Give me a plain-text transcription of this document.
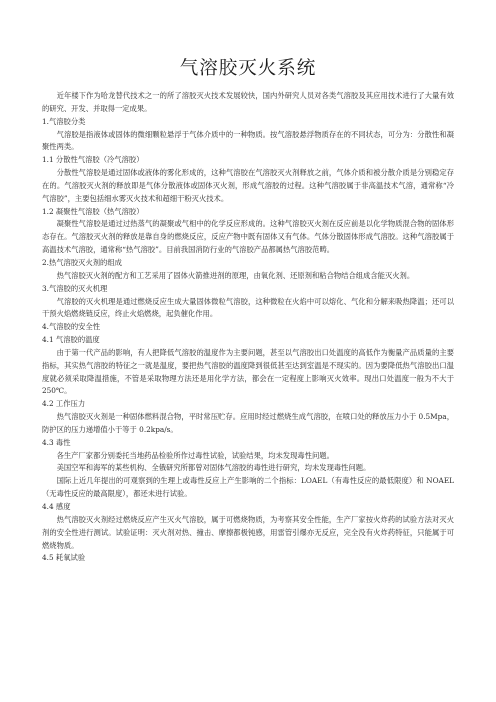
气溶胶灭火系统

近年楼下作为哈龙替代技术之一的所了溶胶灭火技术发展较快，国内外研究人员对各类气溶胶及其应用技术进行了大量有效的研究、开发、并取得一定成果。

1.气溶胶分类

气溶胶是指液体或固体的微细颗粒悬浮于气体介质中的一种物质。按气溶胶悬浮物质存在的不同状态，可分为：分散性和凝聚性两类。

1.1 分散性气溶胶（冷气溶胶）

分散性气溶胶是通过固体或液体的雾化形成的，这种气溶胶在气溶胶灭火剂释放之前，气体介质和被分散介质是分别稳定存在的。气溶胶灭火剂的释放即是气体分散液体或固体灭火剂，形成气溶胶的过程。这种气溶胶属于非高温技术气溶，通常称“冷气溶胶”，主要包括细水雾灭火技术和超细干粉灭火技术。

1.2 凝聚性气溶胶（热气溶胶）

凝聚性气溶胶是通过过热蒸气的凝聚或气相中的化学反应形成的。这种气溶胶灭火剂在反应前是以化学物质混合物的固体形态存在。气溶胶灭火剂的释放是靠自身的燃烧反应，反应产物中既有固体又有气体。气体分散固体形成气溶胶。这种气溶胶属于高温技术气溶胶，通常称“热气溶胶”。目前我国消防行业的气溶胶产品都属热气溶胶范畴。

2.热气溶胶灭火剂的组成

热气溶胶灭火剂的配方和工艺采用了固体火箭推进剂的原理，由氧化剂、还原剂和粘合物结合组成含能灭火剂。

3.气溶胶的灭火机理

气溶胶的灭火机理是通过燃烧反应生成大量固体微粒气溶胶，这种微粒在火焰中可以熔化、气化和分解来吸热降温；还可以干预火焰燃烧链反应，终止火焰燃烧，起负催化作用。

4.气溶胶的安全性

4.1 气溶胶的温度

由于第一代产品的影响，有人把降低气溶胶的温度作为主要问题，甚至以气溶胶出口处温度的高低作为衡量产品质量的主要指标，其实热气溶胶的特征之一就是温度，要把热气溶胶的温度降到很低甚至达到室温是不现实的。因为要降低热气溶胶出口温度就必须采取降温措施，不管是采取物理方法还是用化学方法，都会在一定程度上影响灭火效率。现出口处温度一般为不大于 250℃。

4.2 工作压力

热气溶胶灭火剂是一种固体燃料混合物，平时常压贮存。应用时经过燃烧生成气溶胶，在喷口处的释放压力小于 0.5Mpa，防护区的压力递增值小于等于 0.2kpa/s。

4.3 毒性

各生产厂家都分别委托当地药品检验所作过毒性试验，试验结果，均未发现毒性问题。

美国空军和海军的某些机构、全俄研究所都曾对固体气溶胶的毒性进行研究，均未发现毒性问题。

国际上近几年提出的可观察到的生理上或毒性反应上产生影响的二个指标：LOAEL（有毒性反应的最低限度）和 NOAEL（无毒性反应的最高限度），都还未进行试验。

4.4 感度

热气溶胶灭火剂经过燃烧反应产生灭火气溶胶，属于可燃烧物质，为考察其安全性能，生产厂家按火炸药的试验方法对灭火剂的安全性进行测试。试验证明：灭火剂对热、撞击、摩擦都极钝感，用雷管引爆亦无反应，完全没有火炸药特征，只能属于可燃烧物质。

4.5 耗氧试验
